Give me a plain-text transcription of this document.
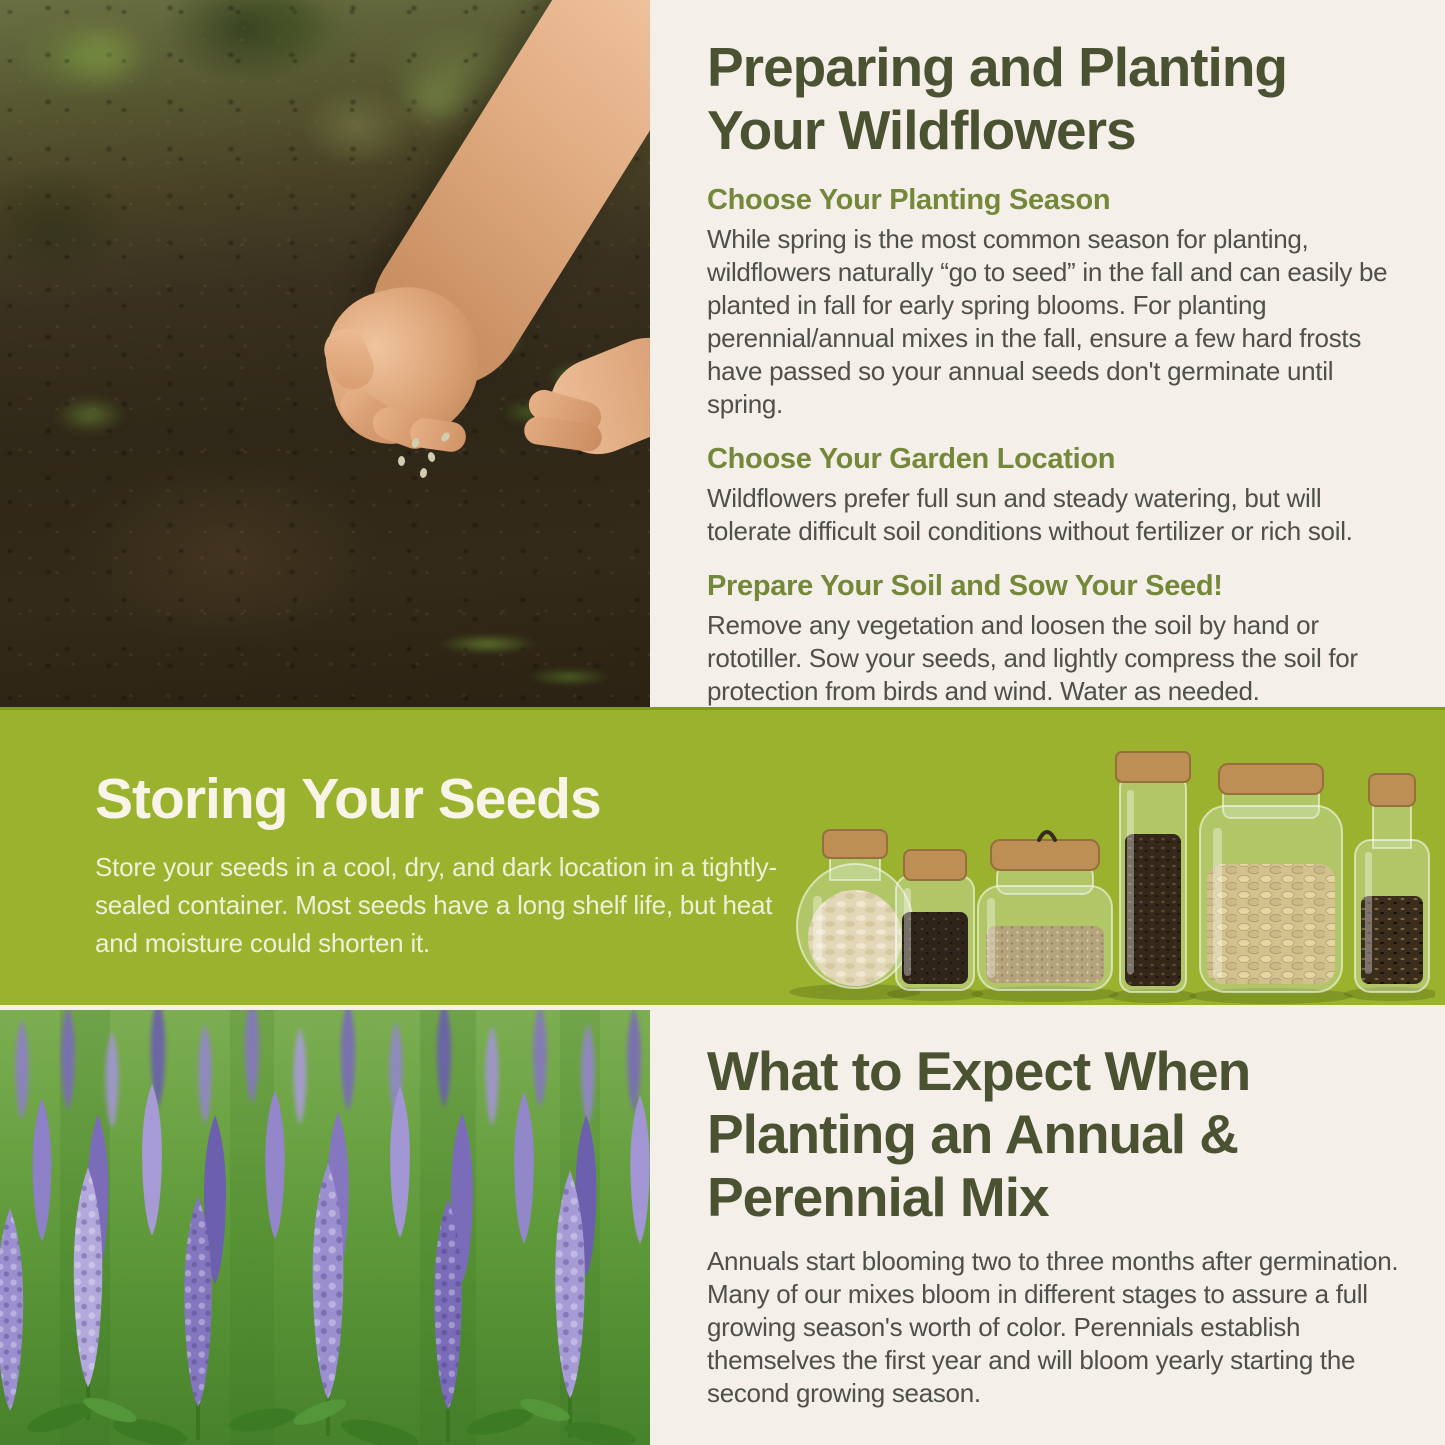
Preparing and Planting
Your Wildflowers
Choose Your Planting Season

While spring is the most common season for planting, wildflowers naturally “go to seed” in the fall and can easily be planted in fall for early spring blooms. For planting perennial/annual mixes in the fall, ensure a few hard frosts have passed so your annual seeds don't germinate until spring.

Choose Your Garden Location

Wildflowers prefer full sun and steady watering, but will tolerate difficult soil conditions without fertilizer or rich soil.

Prepare Your Soil and Sow Your Seed!

Remove any vegetation and loosen the soil by hand or rototiller. Sow your seeds, and lightly compress the soil for protection from birds and wind. Water as needed.

Storing Your Seeds

Store your seeds in a cool, dry, and dark location in a tightly-sealed container. Most seeds have a long shelf life, but heat and moisture could shorten it.

What to Expect When
Planting an Annual &
Perennial Mix

Annuals start blooming two to three months after germination. Many of our mixes bloom in different stages to assure a full growing season's worth of color. Perennials establish themselves the first year and will bloom yearly starting the second growing season.
